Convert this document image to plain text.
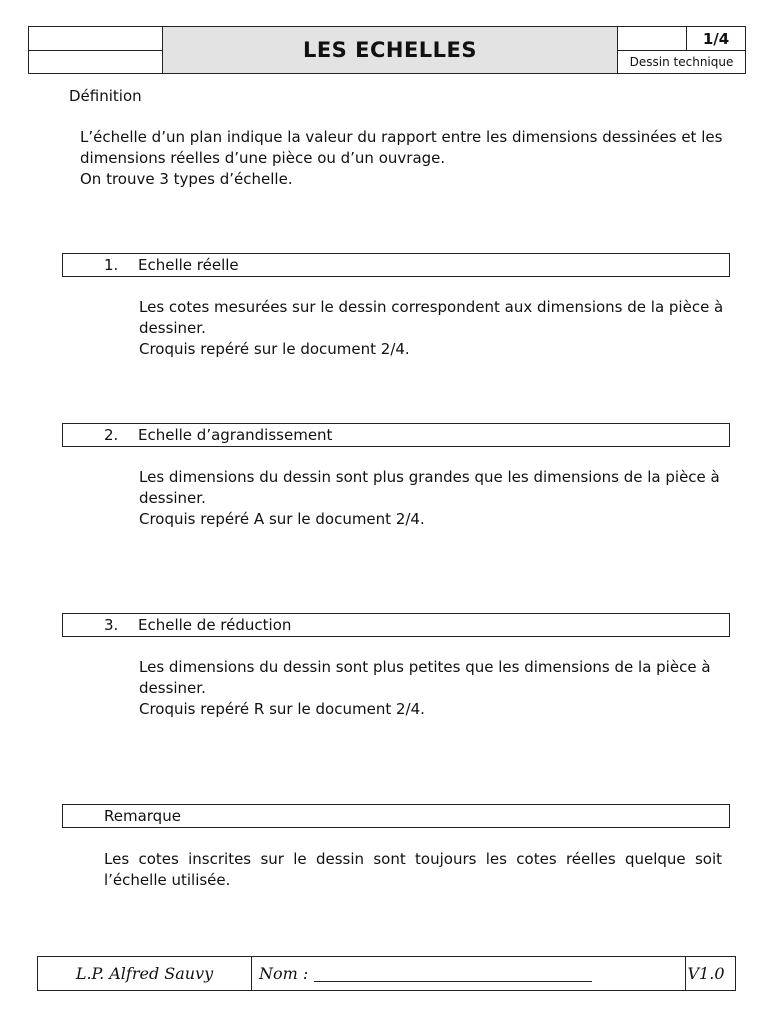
LES ECHELLES	1/4
Dessin technique
Définition
L’échelle d’un plan indique la valeur du rapport entre les dimensions dessinées et les
dimensions réelles d’une pièce ou d’un ouvrage.
On trouve 3 types d’échelle.
1. Echelle réelle
Les cotes mesurées sur le dessin correspondent aux dimensions de la pièce à
dessiner.
Croquis repéré sur le document 2/4.
2. Echelle d’agrandissement
Les dimensions du dessin sont plus grandes que les dimensions de la pièce à
dessiner.
Croquis repéré A sur le document 2/4.
3. Echelle de réduction
Les dimensions du dessin sont plus petites que les dimensions de la pièce à
dessiner.
Croquis repéré R sur le document 2/4.
Remarque
Les cotes inscrites sur le dessin sont toujours les cotes réelles quelque soit
l’échelle utilisée.
L.P. Alfred Sauvy	Nom :	V1.0
